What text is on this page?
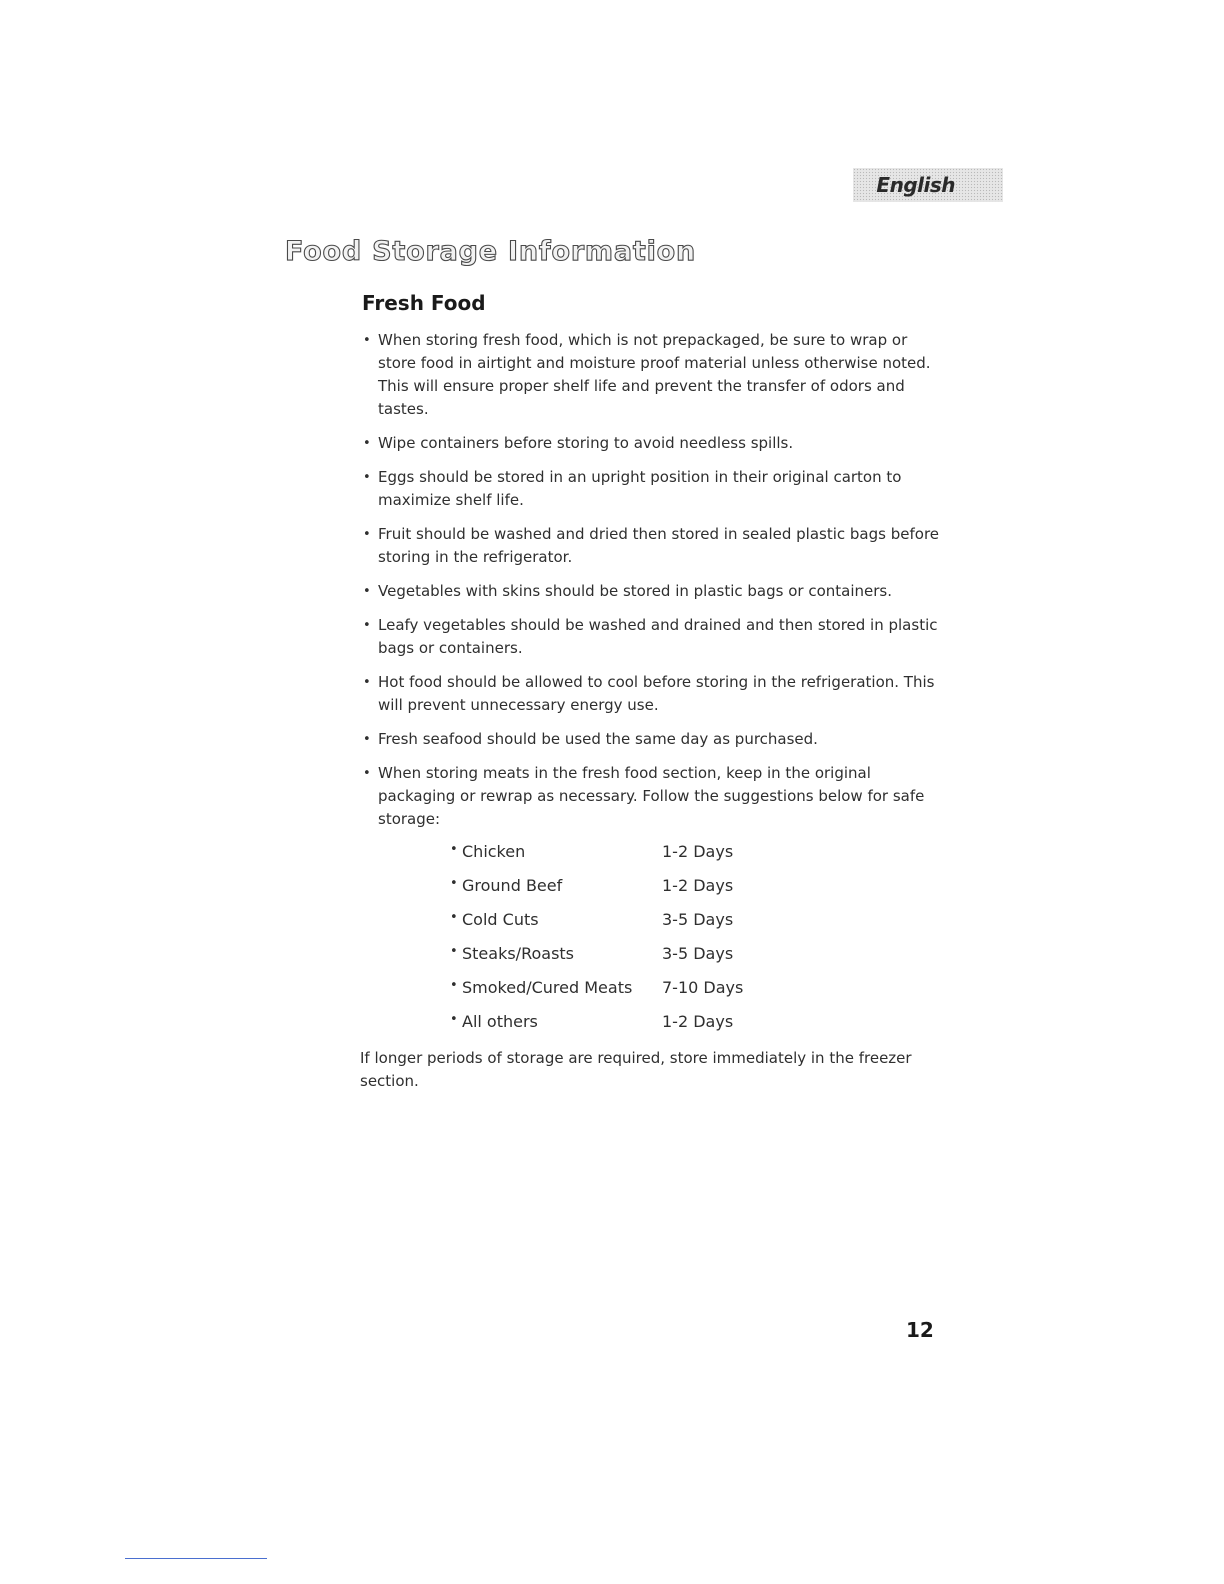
English
Food Storage Information
Fresh Food
• When storing fresh food, which is not prepackaged, be sure to wrap or store food in airtight and moisture proof material unless otherwise noted. This will ensure proper shelf life and prevent the transfer of odors and tastes.
• Wipe containers before storing to avoid needless spills.
• Eggs should be stored in an upright position in their original carton to maximize shelf life.
• Fruit should be washed and dried then stored in sealed plastic bags before storing in the refrigerator.
• Vegetables with skins should be stored in plastic bags or containers.
• Leafy vegetables should be washed and drained and then stored in plastic bags or containers.
• Hot food should be allowed to cool before storing in the refrigeration. This will prevent unnecessary energy use.
• Fresh seafood should be used the same day as purchased.
• When storing meats in the fresh food section, keep in the original packaging or rewrap as necessary. Follow the suggestions below for safe storage:
• Chicken	1-2 Days
• Ground Beef	1-2 Days
• Cold Cuts	3-5 Days
• Steaks/Roasts	3-5 Days
• Smoked/Cured Meats	7-10 Days
• All others	1-2 Days

If longer periods of storage are required, store immediately in the freezer section.

12
